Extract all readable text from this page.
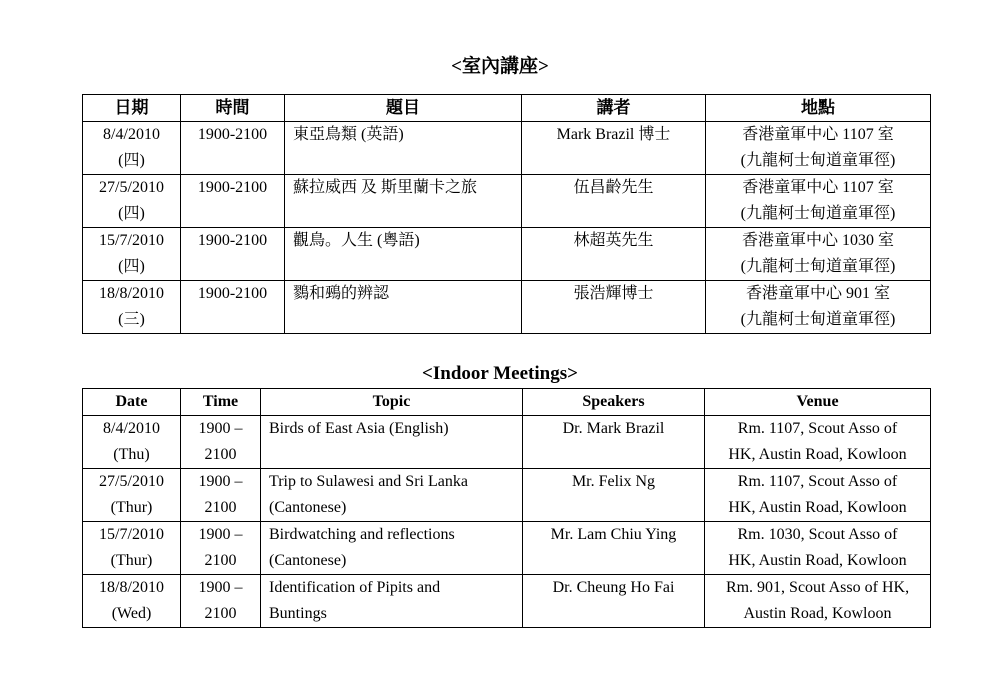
<室內講座>
日期	時間	題目	講者	地點

8/4/2010
(四)	1900-2100	東亞鳥類 (英語)	Mark Brazil 博士	香港童軍中心 1107 室
(九龍柯士甸道童軍徑)

27/5/2010
(四)	1900-2100	蘇拉威西 及 斯里蘭卡之旅	伍昌齡先生	香港童軍中心 1107 室
(九龍柯士甸道童軍徑)

15/7/2010
(四)	1900-2100	觀鳥。人生 (粵語)	林超英先生	香港童軍中心 1030 室
(九龍柯士甸道童軍徑)

18/8/2010
(三)	1900-2100	鷚和鵐的辨認	張浩輝博士	香港童軍中心 901 室
(九龍柯士甸道童軍徑)
<Indoor Meetings>
Date	Time	Topic	Speakers	Venue

8/4/2010
(Thu)	1900 –
2100	Birds of East Asia (English)	Dr. Mark Brazil	Rm. 1107, Scout Asso of
HK, Austin Road, Kowloon

27/5/2010
(Thur)	1900 –
2100	Trip to Sulawesi and Sri Lanka
(Cantonese)	Mr. Felix Ng	Rm. 1107, Scout Asso of
HK, Austin Road, Kowloon

15/7/2010
(Thur)	1900 –
2100	Birdwatching and reflections
(Cantonese)	Mr. Lam Chiu Ying	Rm. 1030, Scout Asso of
HK, Austin Road, Kowloon

18/8/2010
(Wed)	1900 –
2100	Identification of Pipits and
Buntings	Dr. Cheung Ho Fai	Rm. 901, Scout Asso of HK,
Austin Road, Kowloon
